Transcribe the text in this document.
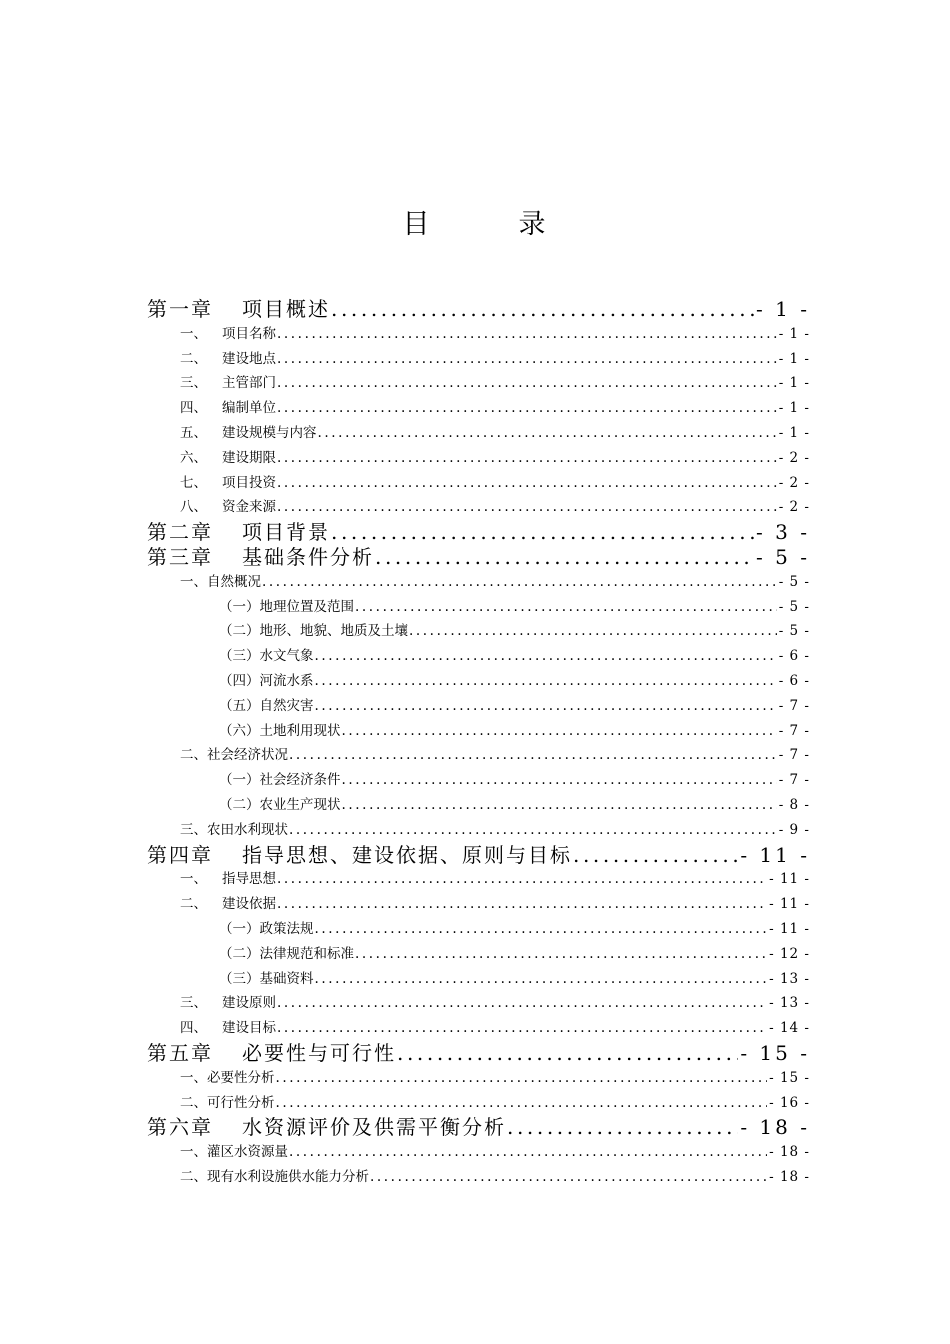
目　　　录
第一章	项目概述 .....	- 1 -
一、	项目名称 .....	- 1 -
二、	建设地点 .....	- 1 -
三、	主管部门 .....	- 1 -
四、	编制单位 .....	- 1 -
五、	建设规模与内容 .....	- 1 -
六、	建设期限 .....	- 2 -
七、	项目投资 .....	- 2 -
八、	资金来源 .....	- 2 -
第二章	项目背景 .....	- 3 -
第三章	基础条件分析 .....	- 5 -
一、 自然概况 .....	- 5 -
（一） 地理位置及范围 .....	- 5 -
（二） 地形、地貌、地质及土壤 .....	- 5 -
（三） 水文气象 .....	- 6 -
（四） 河流水系 .....	- 6 -
（五） 自然灾害 .....	- 7 -
（六） 土地利用现状 .....	- 7 -
二、 社会经济状况 .....	- 7 -
（一） 社会经济条件 .....	- 7 -
（二） 农业生产现状 .....	- 8 -
三、 农田水利现状 .....	- 9 -
第四章	指导思想、建设依据、原则与目标 .....	- 11 -
一、	指导思想 .....	- 11 -
二、	建设依据 .....	- 11 -
（一） 政策法规 .....	- 11 -
（二） 法律规范和标准 .....	- 12 -
（三） 基础资料 .....	- 13 -
三、	建设原则 .....	- 13 -
四、	建设目标 .....	- 14 -
第五章	必要性与可行性 .....	- 15 -
一、 必要性分析 .....	- 15 -
二、 可行性分析 .....	- 16 -
第六章	水资源评价及供需平衡分析 .....	- 18 -
一、 灌区水资源量 .....	- 18 -
二、 现有水利设施供水能力分析 .....	- 18 -
